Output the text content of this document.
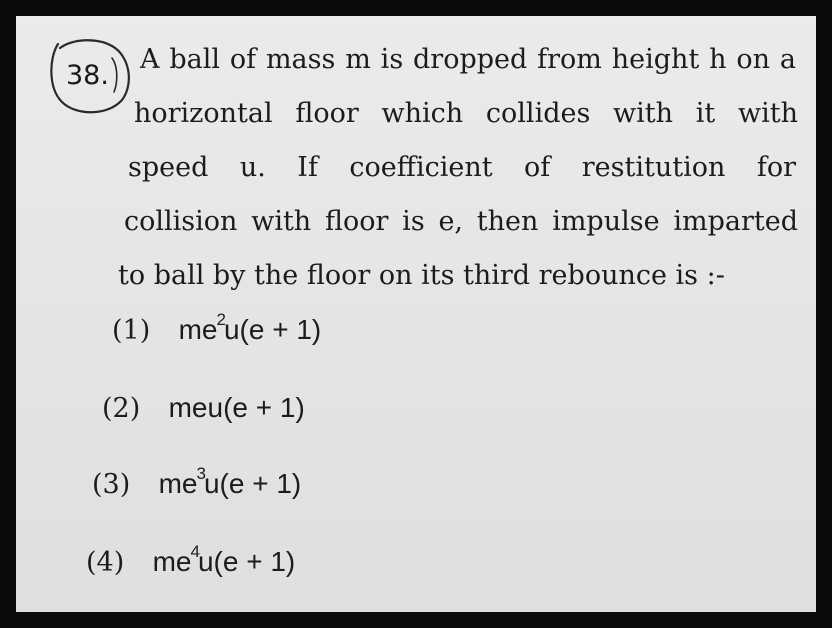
38.
A ball of mass m is dropped from height h on a
horizontal floor which collides with it with
speed u. If coefficient of restitution for
collision with floor is e, then impulse imparted
to ball by the floor on its third rebounce is :-
(1) $me^2u(e + 1)$
(2) meu(e + 1)
(3) $me^3u(e + 1)$
(4) $me^4u(e + 1)$
